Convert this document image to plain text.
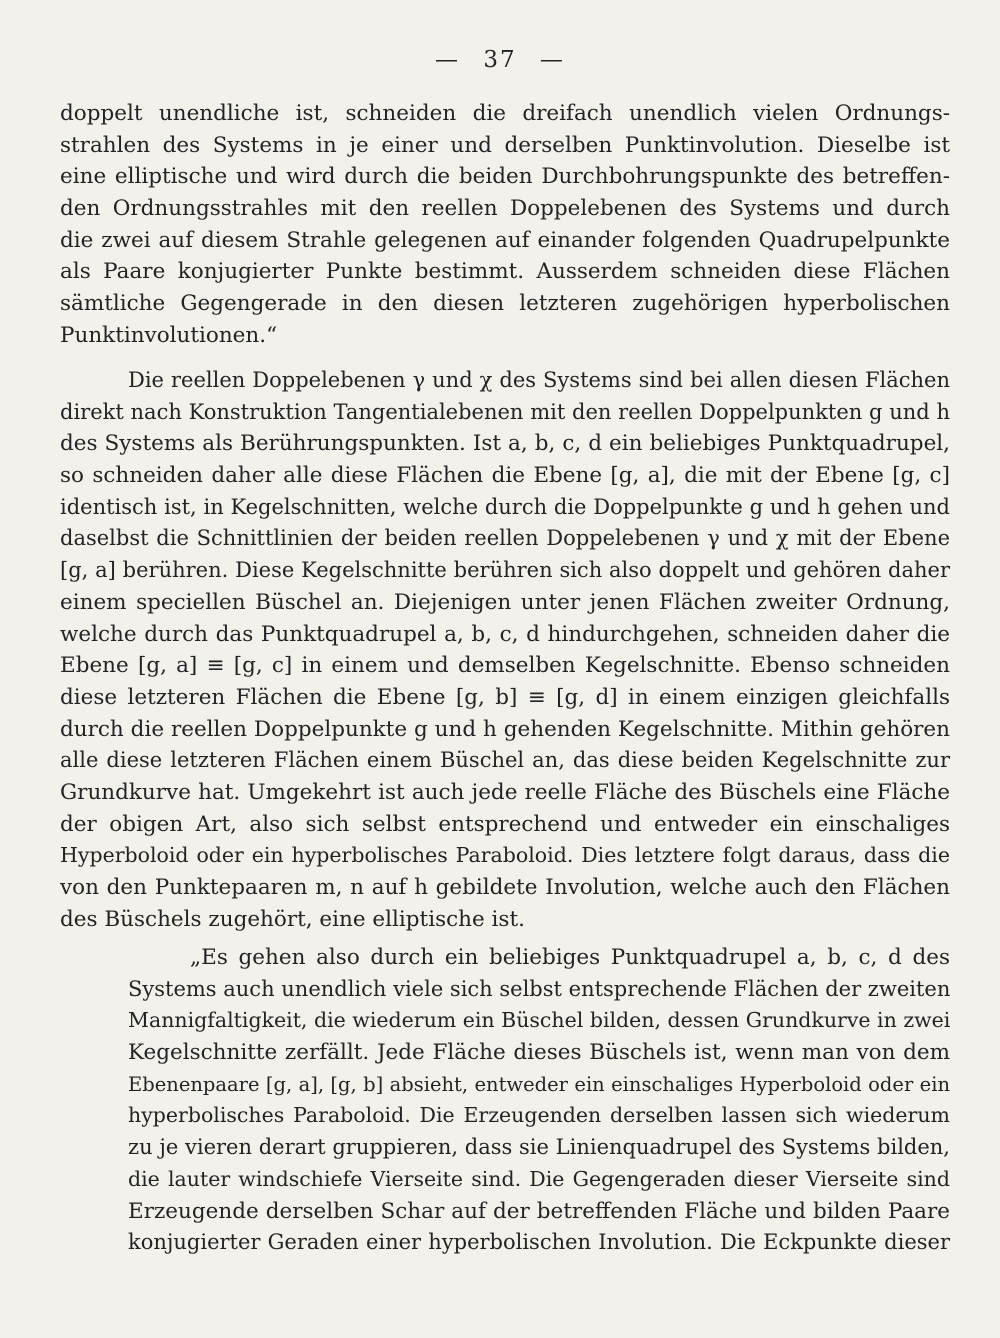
— 37 —
doppelt unendliche ist, schneiden die dreifach unendlich vielen Ordnungs-
strahlen des Systems in je einer und derselben Punktinvolution. Dieselbe ist
eine elliptische und wird durch die beiden Durchbohrungspunkte des betreffen-
den Ordnungsstrahles mit den reellen Doppelebenen des Systems und durch
die zwei auf diesem Strahle gelegenen auf einander folgenden Quadrupelpunkte
als Paare konjugierter Punkte bestimmt. Ausserdem schneiden diese Flächen
sämtliche Gegengerade in den diesen letzteren zugehörigen hyperbolischen
Punktinvolutionen.“
Die reellen Doppelebenen γ und χ des Systems sind bei allen diesen Flächen
direkt nach Konstruktion Tangentialebenen mit den reellen Doppelpunkten g und h
des Systems als Berührungspunkten. Ist a, b, c, d ein beliebiges Punktquadrupel,
so schneiden daher alle diese Flächen die Ebene [g, a], die mit der Ebene [g, c]
identisch ist, in Kegelschnitten, welche durch die Doppelpunkte g und h gehen und
daselbst die Schnittlinien der beiden reellen Doppelebenen γ und χ mit der Ebene
[g, a] berühren. Diese Kegelschnitte berühren sich also doppelt und gehören daher
einem speciellen Büschel an. Diejenigen unter jenen Flächen zweiter Ordnung,
welche durch das Punktquadrupel a, b, c, d hindurchgehen, schneiden daher die
Ebene [g, a] ≡ [g, c] in einem und demselben Kegelschnitte. Ebenso schneiden
diese letzteren Flächen die Ebene [g, b] ≡ [g, d] in einem einzigen gleichfalls
durch die reellen Doppelpunkte g und h gehenden Kegelschnitte. Mithin gehören
alle diese letzteren Flächen einem Büschel an, das diese beiden Kegelschnitte zur
Grundkurve hat. Umgekehrt ist auch jede reelle Fläche des Büschels eine Fläche
der obigen Art, also sich selbst entsprechend und entweder ein einschaliges
Hyperboloid oder ein hyperbolisches Paraboloid. Dies letztere folgt daraus, dass die
von den Punktepaaren m, n auf h gebildete Involution, welche auch den Flächen
des Büschels zugehört, eine elliptische ist.
„Es gehen also durch ein beliebiges Punktquadrupel a, b, c, d des
Systems auch unendlich viele sich selbst entsprechende Flächen der zweiten
Mannigfaltigkeit, die wiederum ein Büschel bilden, dessen Grundkurve in zwei
Kegelschnitte zerfällt. Jede Fläche dieses Büschels ist, wenn man von dem
Ebenenpaare [g, a], [g, b] absieht, entweder ein einschaliges Hyperboloid oder ein
hyperbolisches Paraboloid. Die Erzeugenden derselben lassen sich wiederum
zu je vieren derart gruppieren, dass sie Linienquadrupel des Systems bilden,
die lauter windschiefe Vierseite sind. Die Gegengeraden dieser Vierseite sind
Erzeugende derselben Schar auf der betreffenden Fläche und bilden Paare
konjugierter Geraden einer hyperbolischen Involution. Die Eckpunkte dieser
